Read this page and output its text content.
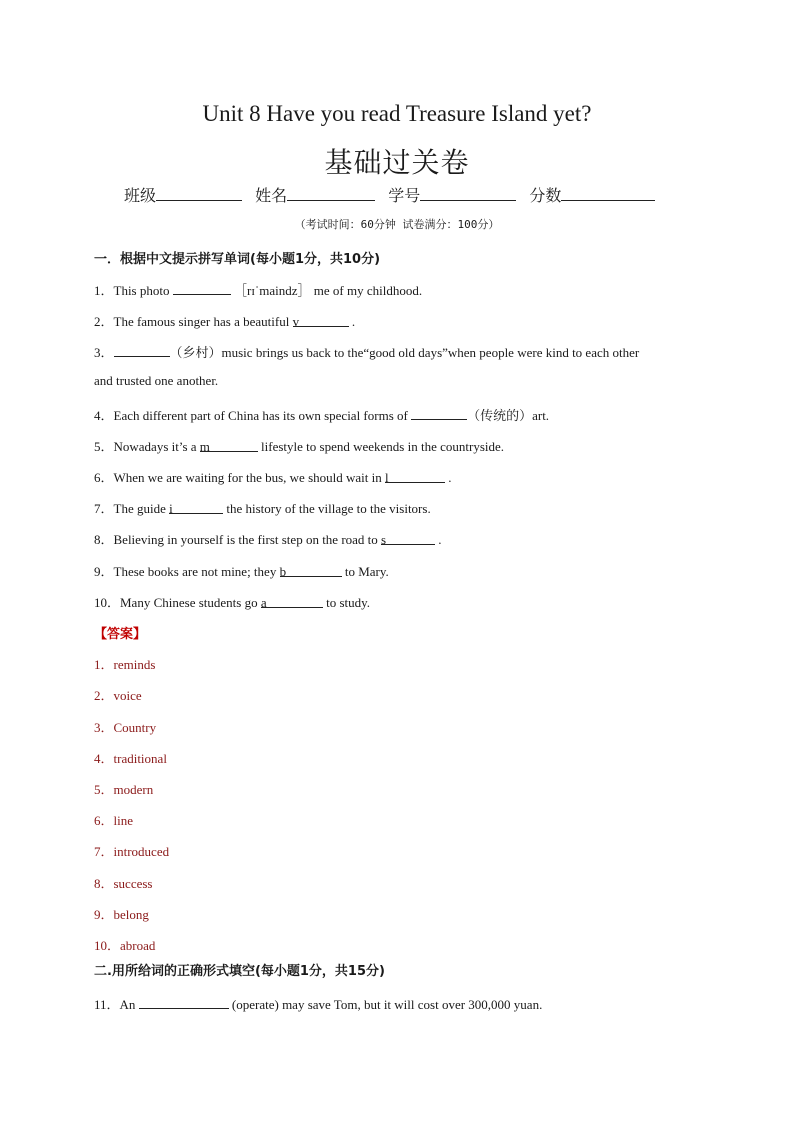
Unit 8 Have you read Treasure Island yet?
基础过关卷
班级	姓名	学号	分数
（考试时间：60分钟 试卷满分：100分）
一．根据中文提示拼写单词(每小题1分，共10分)
1．This photo	［rɪˈmaindz］ me of my childhood.
2．The famous singer has a beautiful v	.
3．	（乡村）music brings us back to the“good old days”when people were kind to each other
and trusted one another.
4．Each different part of China has its own special forms of	（传统的）art.
5．Nowadays it’s a m	lifestyle to spend weekends in the countryside.
6．When we are waiting for the bus, we should wait in l	.
7．The guide i	the history of the village to the visitors.
8．Believing in yourself is the first step on the road to s	.
9．These books are not mine; they b	to Mary.
10．Many Chinese students go a	to study.
【答案】
1．reminds
2．voice
3．Country
4．traditional
5．modern
6．line
7．introduced
8．success
9．belong
10．abroad
二.用所给词的正确形式填空(每小题1分，共15分)
11．An	(operate) may save Tom, but it will cost over 300,000 yuan.
